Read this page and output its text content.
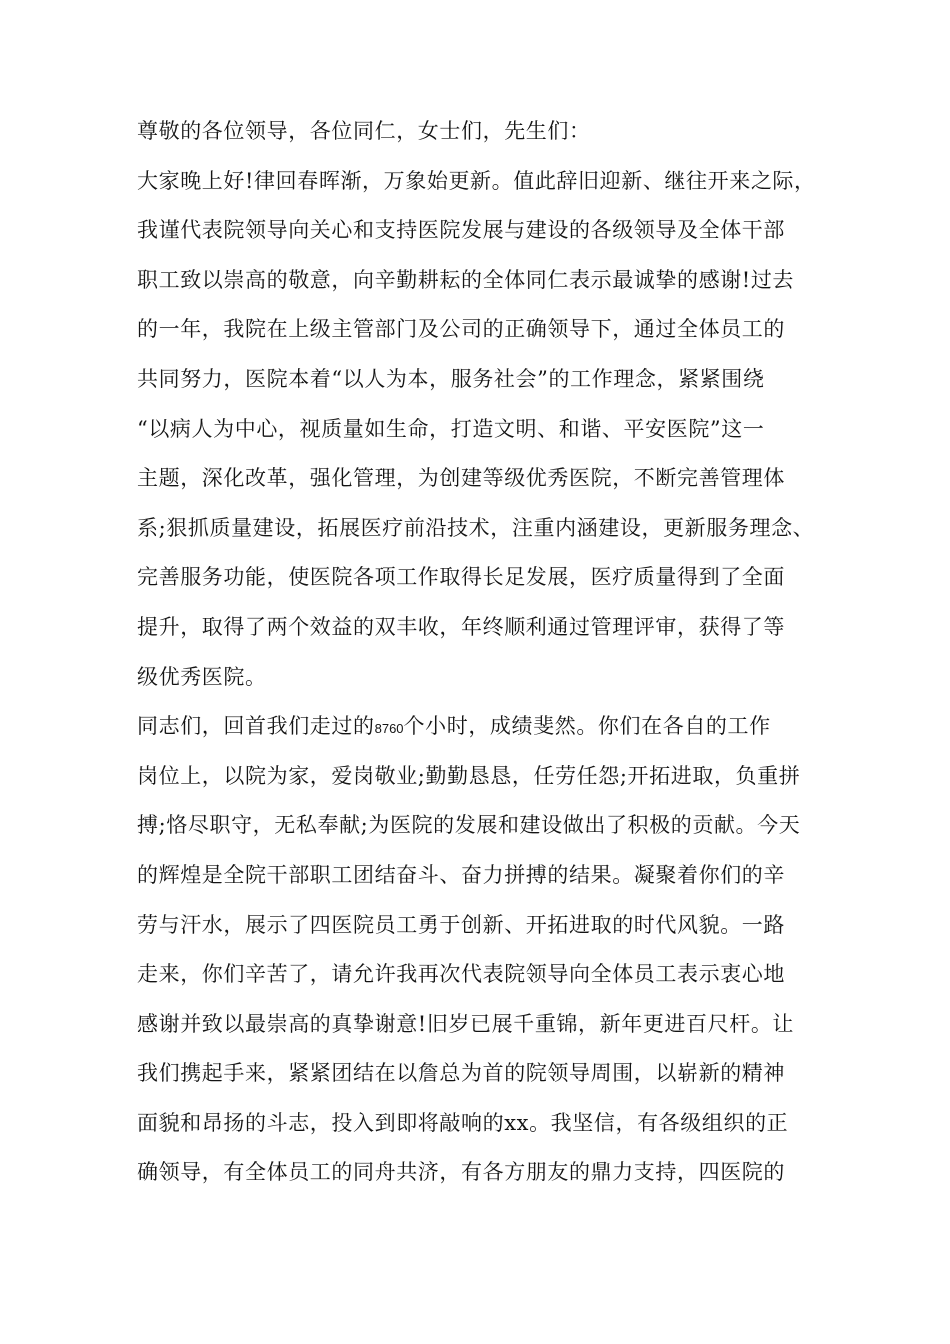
尊敬的各位领导，各位同仁，女士们，先生们：
大家晚上好!律回春晖渐，万象始更新。值此辞旧迎新、继往开来之际，
我谨代表院领导向关心和支持医院发展与建设的各级领导及全体干部
职工致以崇高的敬意，向辛勤耕耘的全体同仁表示最诚挚的感谢!过去
的一年，我院在上级主管部门及公司的正确领导下，通过全体员工的
共同努力，医院本着“以人为本，服务社会”的工作理念，紧紧围绕
“以病人为中心，视质量如生命，打造文明、和谐、平安医院”这一
主题，深化改革，强化管理，为创建等级优秀医院，不断完善管理体
系;狠抓质量建设，拓展医疗前沿技术，注重内涵建设，更新服务理念、
完善服务功能，使医院各项工作取得长足发展，医疗质量得到了全面
提升，取得了两个效益的双丰收，年终顺利通过管理评审，获得了等
级优秀医院。
同志们，回首我们走过的8760个小时，成绩斐然。你们在各自的工作
岗位上，以院为家，爱岗敬业;勤勤恳恳，任劳任怨;开拓进取，负重拼
搏;恪尽职守，无私奉献;为医院的发展和建设做出了积极的贡献。今天
的辉煌是全院干部职工团结奋斗、奋力拼搏的结果。凝聚着你们的辛
劳与汗水，展示了四医院员工勇于创新、开拓进取的时代风貌。一路
走来，你们辛苦了，请允许我再次代表院领导向全体员工表示衷心地
感谢并致以最崇高的真挚谢意!旧岁已展千重锦，新年更进百尺杆。让
我们携起手来，紧紧团结在以詹总为首的院领导周围，以崭新的精神
面貌和昂扬的斗志，投入到即将敲响的xx。我坚信，有各级组织的正
确领导，有全体员工的同舟共济，有各方朋友的鼎力支持，四医院的
